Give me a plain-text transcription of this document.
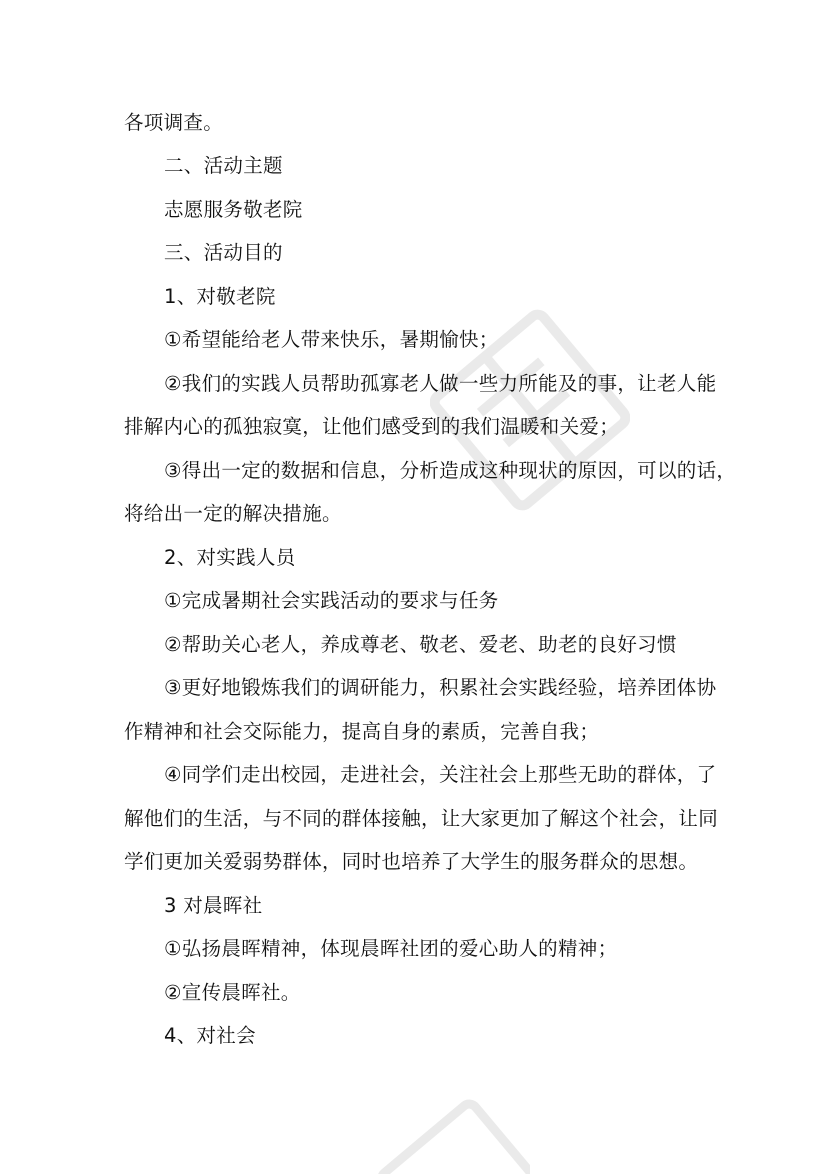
各项调查。
二、活动主题
志愿服务敬老院
三、活动目的
1、对敬老院
①希望能给老人带来快乐，暑期愉快；
②我们的实践人员帮助孤寡老人做一些力所能及的事，让老人能
排解内心的孤独寂寞，让他们感受到的我们温暖和关爱；
③得出一定的数据和信息，分析造成这种现状的原因，可以的话，
将给出一定的解决措施。
2、对实践人员
①完成暑期社会实践活动的要求与任务
②帮助关心老人，养成尊老、敬老、爱老、助老的良好习惯
③更好地锻炼我们的调研能力，积累社会实践经验，培养团体协
作精神和社会交际能力，提高自身的素质，完善自我；
④同学们走出校园，走进社会，关注社会上那些无助的群体，了
解他们的生活，与不同的群体接触，让大家更加了解这个社会，让同
学们更加关爱弱势群体，同时也培养了大学生的服务群众的思想。
3 对晨晖社
①弘扬晨晖精神，体现晨晖社团的爱心助人的精神；
②宣传晨晖社。
4、对社会
